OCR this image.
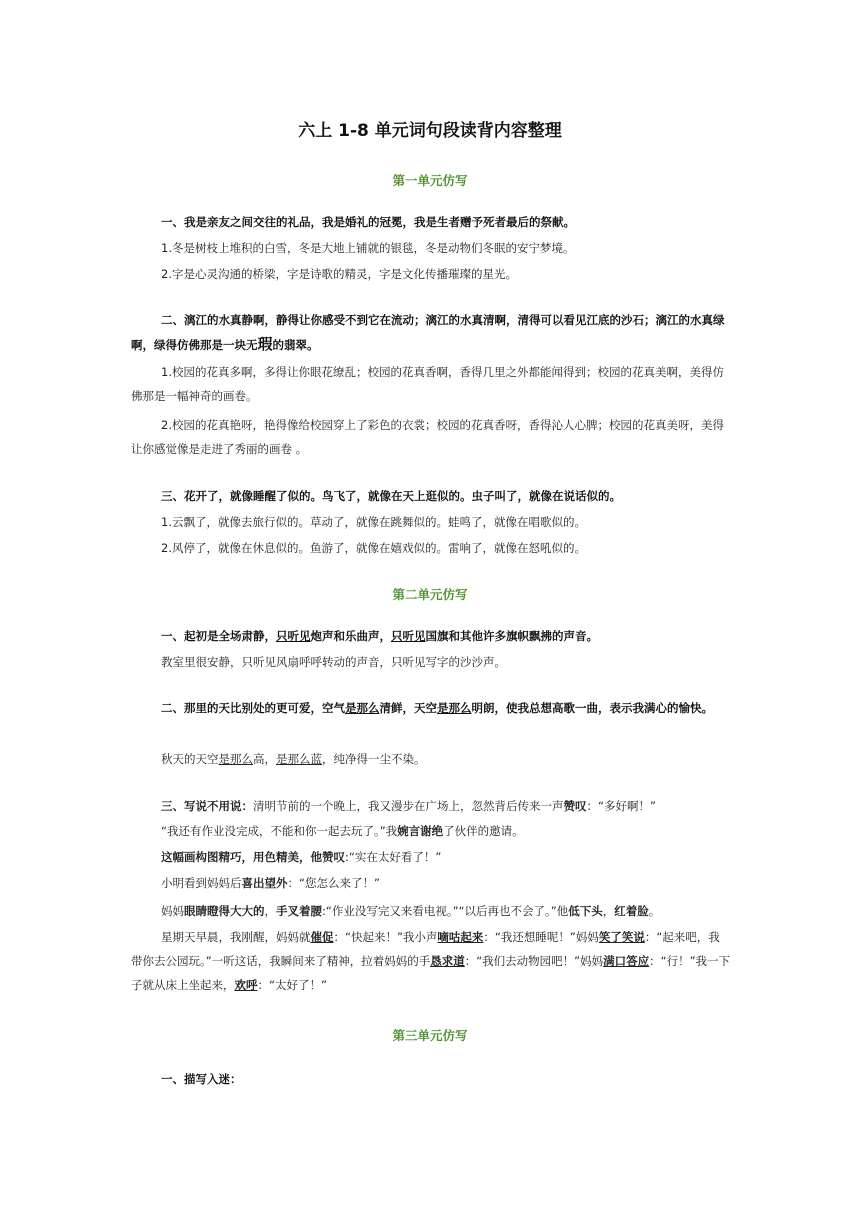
六上 1-8 单元词句段读背内容整理
第一单元仿写
一、我是亲友之间交往的礼品，我是婚礼的冠冕，我是生者赠予死者最后的祭献。
1.冬是树枝上堆积的白雪，冬是大地上铺就的银毯，冬是动物们冬眠的安宁梦境。
2.字是心灵沟通的桥梁，字是诗歌的精灵，字是文化传播璀璨的星光。
二、漓江的水真静啊，静得让你感受不到它在流动；漓江的水真清啊，清得可以看见江底的沙石；漓江的水真绿啊，绿得仿佛那是一块无瑕的翡翠。
1.校园的花真多啊，多得让你眼花缭乱；校园的花真香啊，香得几里之外都能闻得到；校园的花真美啊，美得仿佛那是一幅神奇的画卷。
2.校园的花真艳呀，艳得像给校园穿上了彩色的衣裳；校园的花真香呀，香得沁人心脾；校园的花真美呀，美得让你感觉像是走进了秀丽的画卷 。
三、花开了，就像睡醒了似的。鸟飞了，就像在天上逛似的。虫子叫了，就像在说话似的。
1.云飘了，就像去旅行似的。草动了，就像在跳舞似的。蛙鸣了，就像在唱歌似的。
2.风停了，就像在休息似的。鱼游了，就像在嬉戏似的。雷响了，就像在怒吼似的。
第二单元仿写
一、起初是全场肃静，只听见炮声和乐曲声，只听见国旗和其他许多旗帜飘拂的声音。
教室里很安静，只听见风扇呼呼转动的声音，只听见写字的沙沙声。
二、那里的天比别处的更可爱，空气是那么清鲜，天空是那么明朗，使我总想高歌一曲，表示我满心的愉快。
秋天的天空是那么高，是那么蓝，纯净得一尘不染。
三、写说不用说：清明节前的一个晚上，我又漫步在广场上，忽然背后传来一声赞叹：“多好啊！”
“我还有作业没完成，不能和你一起去玩了。”我婉言谢绝了伙伴的邀请。
这幅画构图精巧，用色精美，他赞叹:“实在太好看了！”
小明看到妈妈后喜出望外：“您怎么来了！”
妈妈眼睛瞪得大大的，手叉着腰:“作业没写完又来看电视。”“以后再也不会了。”他低下头，红着脸。
星期天早晨，我刚醒，妈妈就催促：“快起来！”我小声嘀咕起来：“我还想睡呢！”妈妈笑了笑说：“起来吧，我带你去公园玩。”一听这话，我瞬间来了精神，拉着妈妈的手恳求道：“我们去动物园吧！”妈妈满口答应：“行！”我一下子就从床上坐起来，欢呼：“太好了！”
第三单元仿写
一、描写入迷：
